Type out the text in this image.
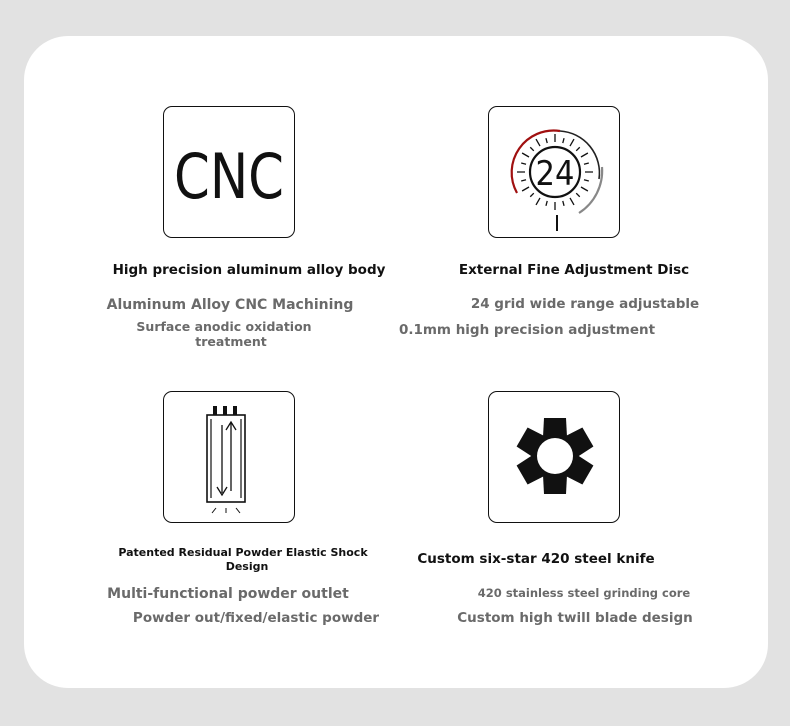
CNC
High precision aluminum alloy body
Aluminum Alloy CNC Machining
Surface anodic oxidation
treatment
24
External Fine Adjustment Disc
24 grid wide range adjustable
0.1mm high precision adjustment
Patented Residual Powder Elastic Shock
Design
Multi-functional powder outlet
Powder out/fixed/elastic powder
Custom six-star 420 steel knife
420 stainless steel grinding core
Custom high twill blade design
